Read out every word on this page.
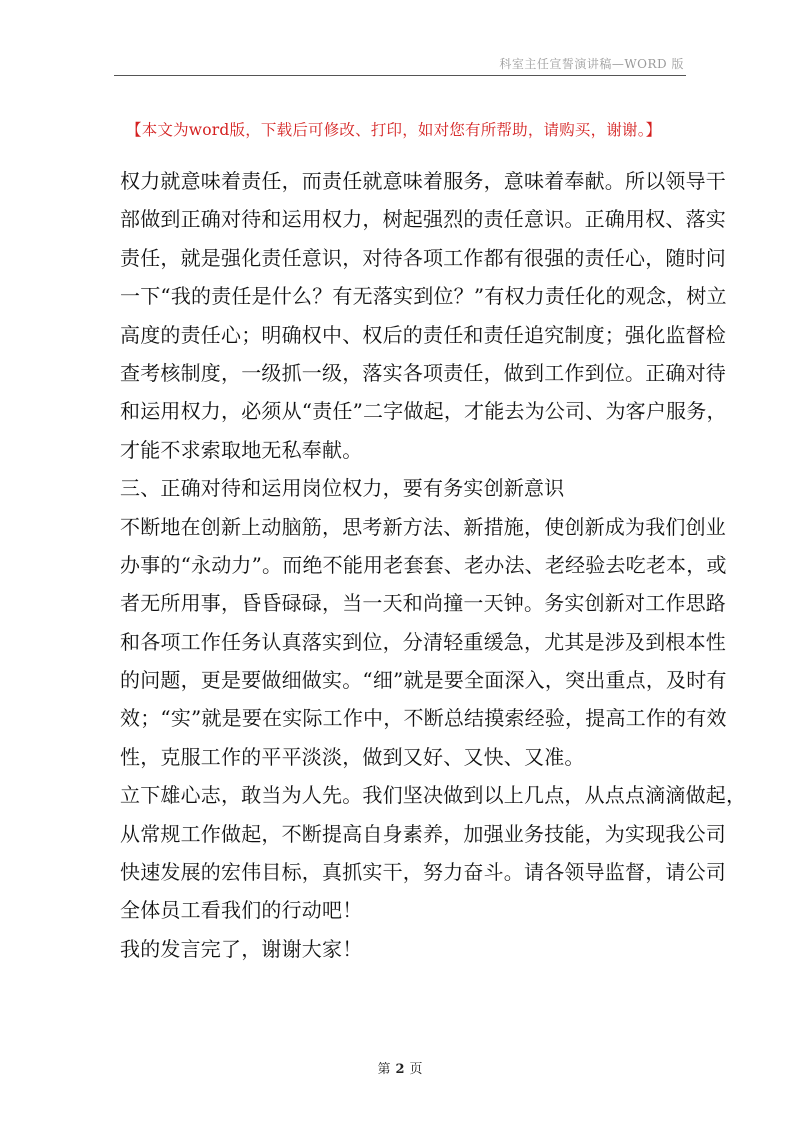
科室主任宣誓演讲稿—WORD 版
【本文为word版，下载后可修改、打印，如对您有所帮助，请购买，谢谢。】
权力就意味着责任，而责任就意味着服务，意味着奉献。所以领导干
部做到正确对待和运用权力，树起强烈的责任意识。正确用权、落实
责任，就是强化责任意识，对待各项工作都有很强的责任心，随时问
一下“我的责任是什么？有无落实到位？”有权力责任化的观念，树立
高度的责任心；明确权中、权后的责任和责任追究制度；强化监督检
查考核制度，一级抓一级，落实各项责任，做到工作到位。正确对待
和运用权力，必须从“责任”二字做起，才能去为公司、为客户服务，
才能不求索取地无私奉献。
三、正确对待和运用岗位权力，要有务实创新意识
不断地在创新上动脑筋，思考新方法、新措施，使创新成为我们创业
办事的“永动力”。而绝不能用老套套、老办法、老经验去吃老本，或
者无所用事，昏昏碌碌，当一天和尚撞一天钟。务实创新对工作思路
和各项工作任务认真落实到位，分清轻重缓急，尤其是涉及到根本性
的问题，更是要做细做实。“细”就是要全面深入，突出重点，及时有
效；“实”就是要在实际工作中，不断总结摸索经验，提高工作的有效
性，克服工作的平平淡淡，做到又好、又快、又准。
立下雄心志，敢当为人先。我们坚决做到以上几点，从点点滴滴做起，
从常规工作做起，不断提高自身素养，加强业务技能，为实现我公司
快速发展的宏伟目标，真抓实干，努力奋斗。请各领导监督，请公司
全体员工看我们的行动吧！
我的发言完了，谢谢大家！
第 2 页
